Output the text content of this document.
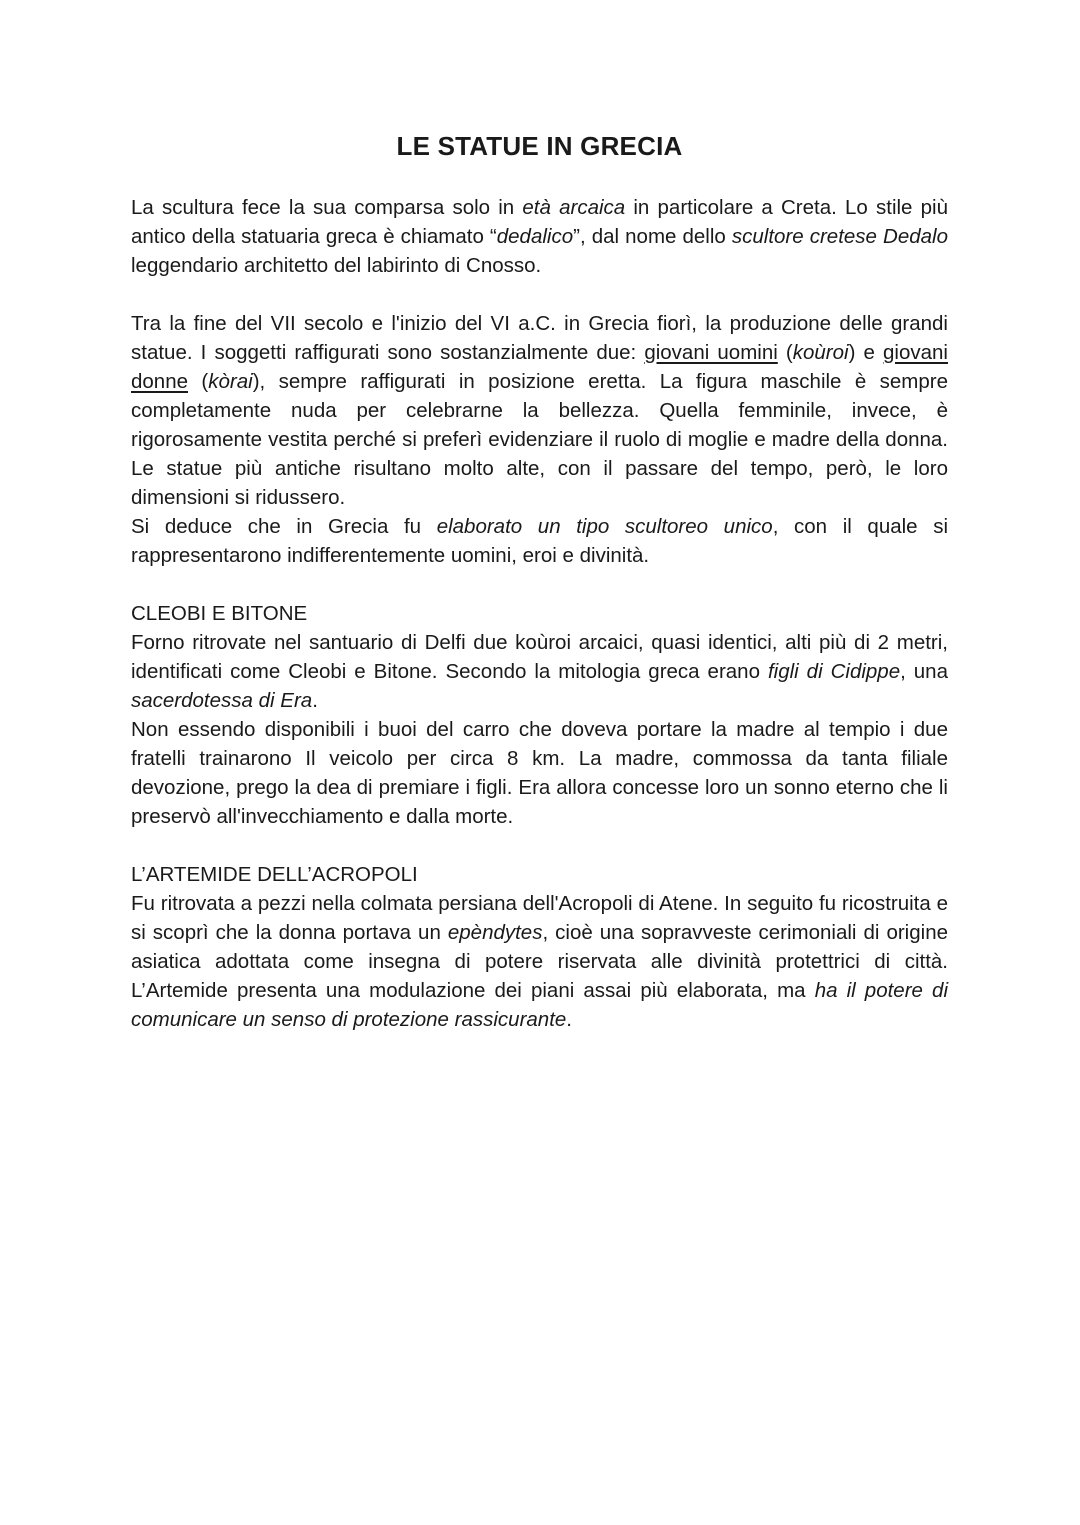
LE STATUE IN GRECIA

La scultura fece la sua comparsa solo in età arcaica in particolare a Creta. Lo stile più antico della statuaria greca è chiamato “dedalico”, dal nome dello scultore cretese Dedalo leggendario architetto del labirinto di Cnosso.

Tra la fine del VII secolo e l'inizio del VI a.C. in Grecia fiorì, la produzione delle grandi statue. I soggetti raffigurati sono sostanzialmente due: giovani uomini (koùroi) e giovani donne (kòrai), sempre raffigurati in posizione eretta. La figura maschile è sempre completamente nuda per celebrarne la bellezza. Quella femminile, invece, è rigorosamente vestita perché si preferì evidenziare il ruolo di moglie e madre della donna. Le statue più antiche risultano molto alte, con il passare del tempo, però, le loro dimensioni si ridussero.

Si deduce che in Grecia fu elaborato un tipo scultoreo unico, con il quale si rappresentarono indifferentemente uomini, eroi e divinità.

CLEOBI E BITONE

Forno ritrovate nel santuario di Delfi due koùroi arcaici, quasi identici, alti più di 2 metri, identificati come Cleobi e Bitone. Secondo la mitologia greca erano figli di Cidippe, una sacerdotessa di Era.

Non essendo disponibili i buoi del carro che doveva portare la madre al tempio i due fratelli trainarono Il veicolo per circa 8 km. La madre, commossa da tanta filiale devozione, prego la dea di premiare i figli. Era allora concesse loro un sonno eterno che li preservò all'invecchiamento e dalla morte.

L’ARTEMIDE DELL’ACROPOLI

Fu ritrovata a pezzi nella colmata persiana dell'Acropoli di Atene. In seguito fu ricostruita e si scoprì che la donna portava un epèndytes, cioè una sopravveste cerimoniali di origine asiatica adottata come insegna di potere riservata alle divinità protettrici di città. L’Artemide presenta una modulazione dei piani assai più elaborata, ma ha il potere di comunicare un senso di protezione rassicurante.
